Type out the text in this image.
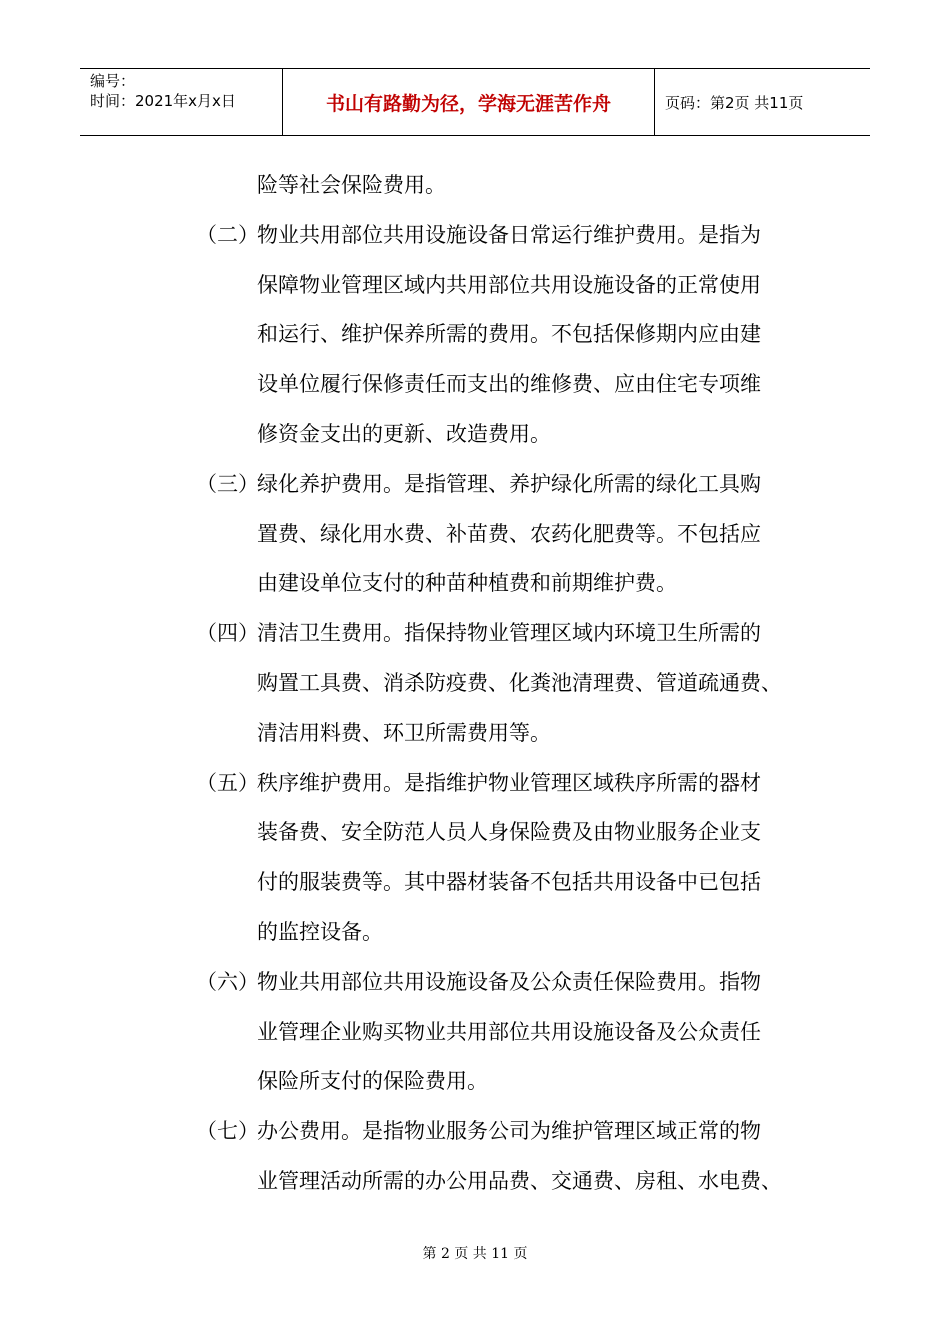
编号：
时间：2021年x月x日	书山有路勤为径，学海无涯苦作舟	页码：第2页 共11页
险等社会保险费用。
（二）
物业共用部位共用设施设备日常运行维护费用。是指为
保障物业管理区域内共用部位共用设施设备的正常使用
和运行、维护保养所需的费用。不包括保修期内应由建
设单位履行保修责任而支出的维修费、应由住宅专项维
修资金支出的更新、改造费用。
（三）
绿化养护费用。是指管理、养护绿化所需的绿化工具购
置费、绿化用水费、补苗费、农药化肥费等。不包括应
由建设单位支付的种苗种植费和前期维护费。
（四）
清洁卫生费用。指保持物业管理区域内环境卫生所需的
购置工具费、消杀防疫费、化粪池清理费、管道疏通费、
清洁用料费、环卫所需费用等。
（五）
秩序维护费用。是指维护物业管理区域秩序所需的器材
装备费、安全防范人员人身保险费及由物业服务企业支
付的服装费等。其中器材装备不包括共用设备中已包括
的监控设备。
（六）
物业共用部位共用设施设备及公众责任保险费用。指物
业管理企业购买物业共用部位共用设施设备及公众责任
保险所支付的保险费用。
（七）
办公费用。是指物业服务公司为维护管理区域正常的物
业管理活动所需的办公用品费、交通费、房租、水电费、
第 2 页 共 11 页
